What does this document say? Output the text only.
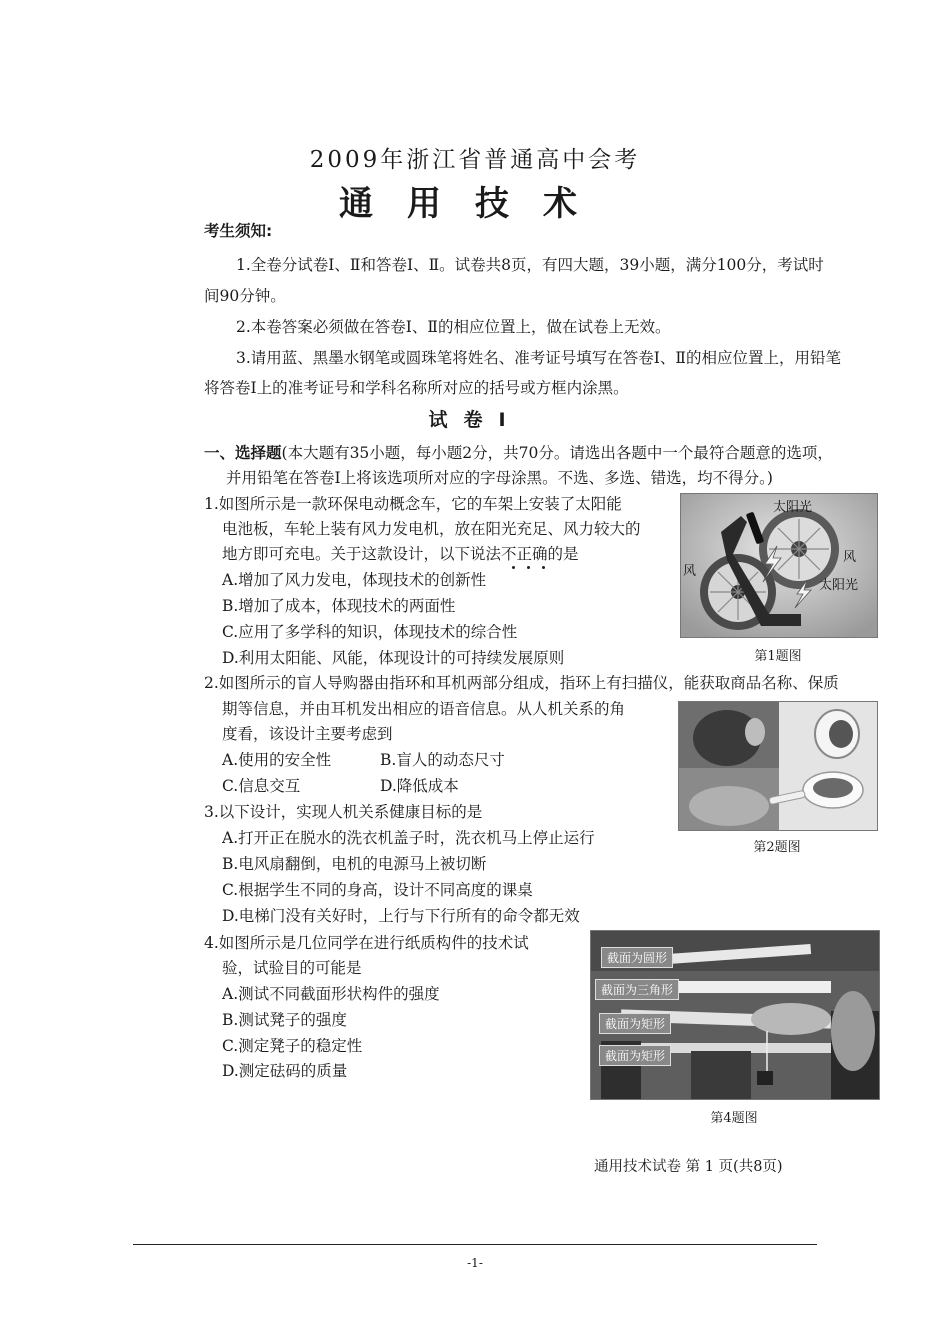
2009年浙江省普通高中会考
通用技术
考生须知:
1.全卷分试卷Ⅰ、Ⅱ和答卷Ⅰ、Ⅱ。试卷共8页，有四大题，39小题，满分100分，考试时
间90分钟。
2.本卷答案必须做在答卷Ⅰ、Ⅱ的相应位置上，做在试卷上无效。
3.请用蓝、黑墨水钢笔或圆珠笔将姓名、准考证号填写在答卷Ⅰ、Ⅱ的相应位置上，用铅笔
将答卷Ⅰ上的准考证号和学科名称所对应的括号或方框内涂黑。
试卷Ⅰ
一、选择题(本大题有35小题，每小题2分，共70分。请选出各题中一个最符合题意的选项，
并用铅笔在答卷Ⅰ上将该选项所对应的字母涂黑。不选、多选、错选，均不得分。)
1.如图所示是一款环保电动概念车，它的车架上安装了太阳能
电池板，车轮上装有风力发电机，放在阳光充足、风力较大的
地方即可充电。关于这款设计，以下说法不正确的是
A.增加了风力发电，体现技术的创新性
B.增加了成本，体现技术的两面性
C.应用了多学科的知识，体现技术的综合性
D.利用太阳能、风能，体现设计的可持续发展原则
太阳光
风
太阳光
风
第1题图
2.如图所示的盲人导购器由指环和耳机两部分组成，指环上有扫描仪，能获取商品名称、保质
期等信息，并由耳机发出相应的语音信息。从人机关系的角
度看，该设计主要考虑到
A.使用的安全性	B.盲人的动态尺寸
C.信息交互	D.降低成本
第2题图
3.以下设计，实现人机关系健康目标的是
A.打开正在脱水的洗衣机盖子时，洗衣机马上停止运行
B.电风扇翻倒，电机的电源马上被切断
C.根据学生不同的身高，设计不同高度的课桌
D.电梯门没有关好时，上行与下行所有的命令都无效
4.如图所示是几位同学在进行纸质构件的技术试
验，试验目的可能是
A.测试不同截面形状构件的强度
B.测试凳子的强度
C.测定凳子的稳定性
D.测定砝码的质量
截面为圆形
截面为三角形
截面为矩形
截面为矩形
第4题图
通用技术试卷 第 1 页(共8页)
-1-
